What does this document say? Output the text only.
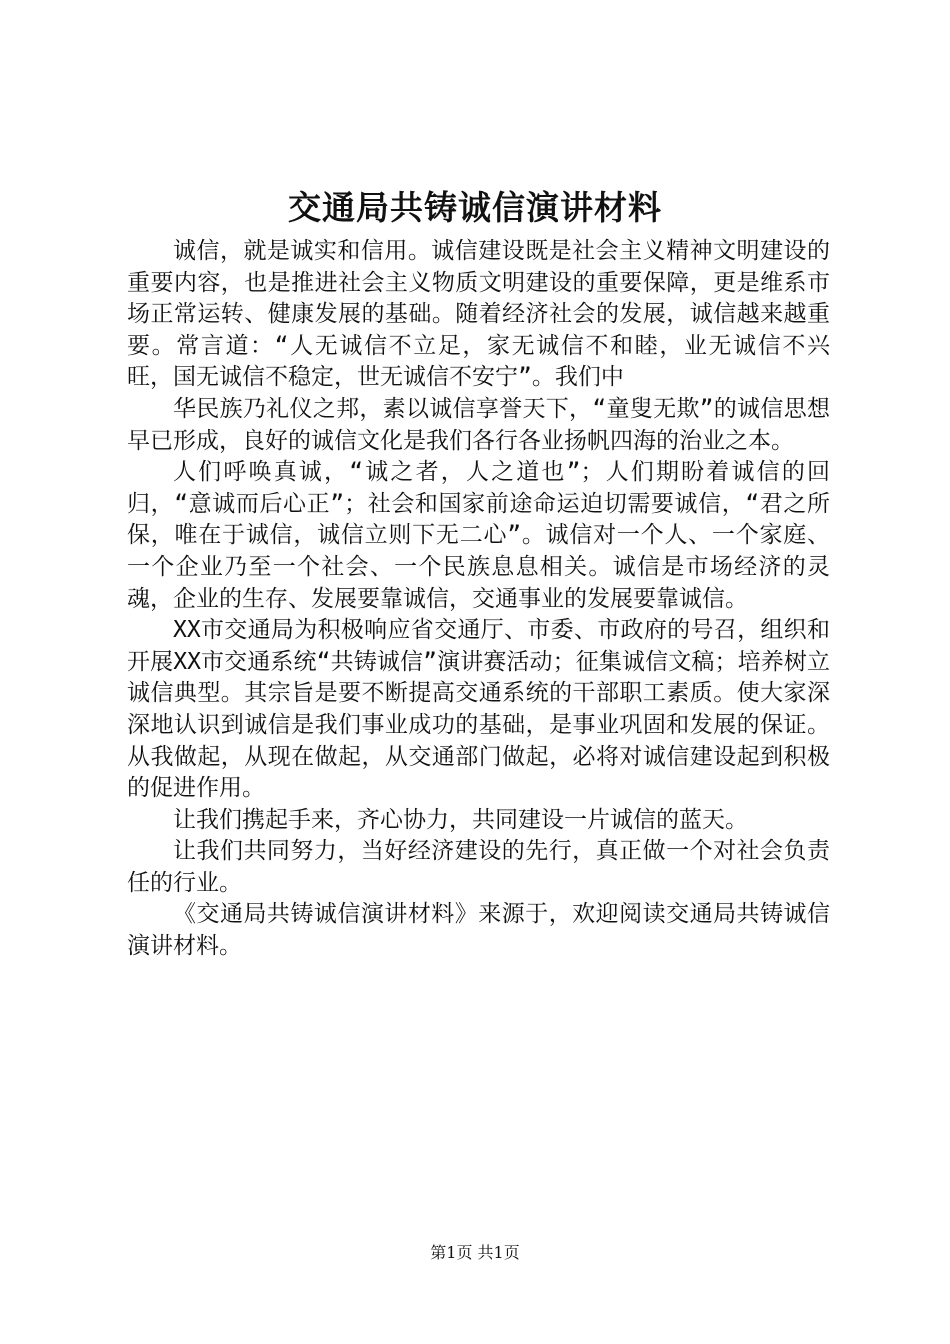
交通局共铸诚信演讲材料

诚信，就是诚实和信用。诚信建设既是社会主义精神文明建设的重要内容，也是推进社会主义物质文明建设的重要保障，更是维系市场正常运转、健康发展的基础。随着经济社会的发展，诚信越来越重要。常言道：“人无诚信不立足，家无诚信不和睦，业无诚信不兴旺，国无诚信不稳定，世无诚信不安宁”。我们中

华民族乃礼仪之邦，素以诚信享誉天下，“童叟无欺”的诚信思想早已形成，良好的诚信文化是我们各行各业扬帆四海的治业之本。

人们呼唤真诚，“诚之者，人之道也”；人们期盼着诚信的回归，“意诚而后心正”；社会和国家前途命运迫切需要诚信，“君之所保，唯在于诚信，诚信立则下无二心”。诚信对一个人、一个家庭、一个企业乃至一个社会、一个民族息息相关。诚信是市场经济的灵魂，企业的生存、发展要靠诚信，交通事业的发展要靠诚信。

XX市交通局为积极响应省交通厅、市委、市政府的号召，组织和开展XX市交通系统“共铸诚信”演讲赛活动；征集诚信文稿；培养树立诚信典型。其宗旨是要不断提高交通系统的干部职工素质。使大家深深地认识到诚信是我们事业成功的基础，是事业巩固和发展的保证。从我做起，从现在做起，从交通部门做起，必将对诚信建设起到积极的促进作用。

让我们携起手来，齐心协力，共同建设一片诚信的蓝天。

让我们共同努力，当好经济建设的先行，真正做一个对社会负责任的行业。

《交通局共铸诚信演讲材料》来源于，欢迎阅读交通局共铸诚信演讲材料。

第1页 共1页
